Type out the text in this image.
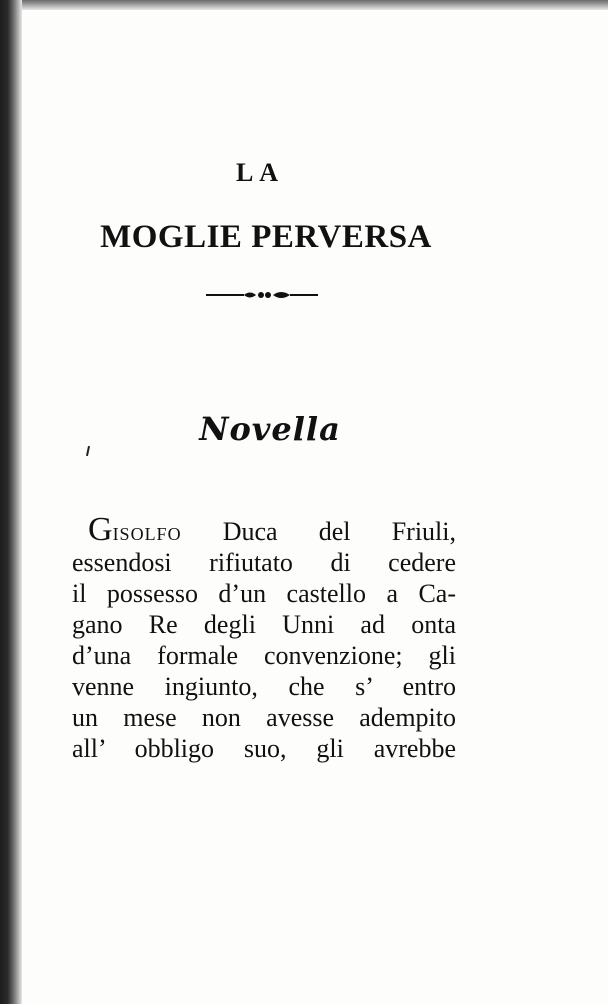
LA
MOGLIE PERVERSA
Novella
Gisolfo Duca del Friuli,
essendosi rifiutato di cedere
il possesso d’un castello a Ca-
gano Re degli Unni ad onta
d’una formale convenzione; gli
venne ingiunto, che s’ entro
un mese non avesse adempito
all’ obbligo suo, gli avrebbe
